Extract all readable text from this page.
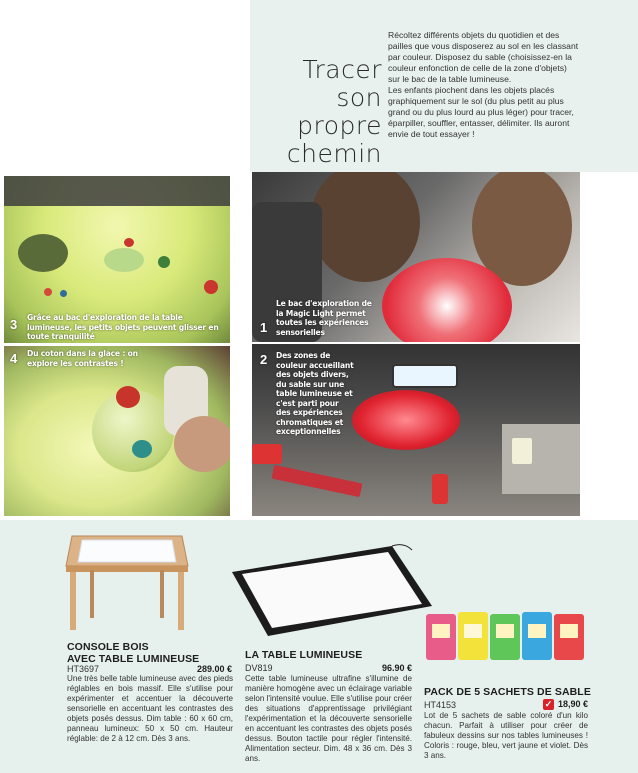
Tracer
son propre
chemin

Récoltez différents objets du quotidien et des pailles que vous disposerez au sol en les classant par couleur. Disposez du sable (choisissez-en la couleur enfonction de celle de la zone d'objets) sur le bac de la table lumineuse.

Les enfants piochent dans les objets placés graphiquement sur le sol (du plus petit au plus grand ou du plus lourd au plus léger) pour tracer, éparpiller, souffler, entasser, délimiter. Ils auront envie de tout essayer !

3 Grâce au bac d'exploration de la table lumineuse, les petits objets peuvent glisser en toute tranquilité
4 Du coton dans la glace : on explore les contrastes !
1
Le bac d'exploration de la Magic Light permet toutes les expériences sensorielles
2 Des zones de couleur accueillant des objets divers, du sable sur une table lumineuse et c'est parti pour des expériences chromatiques et exceptionnelles
CONSOLE BOIS
AVEC TABLE LUMINEUSE
HT3697	289.00 €
Une très belle table lumineuse avec des pieds réglables en bois massif. Elle s'utilise pour expérimenter et accentuer la découverte sensorielle en accentuant les contrastes des objets posés dessus. Dim table : 60 x 60 cm, panneau lumineux: 50 x 50 cm. Hauteur réglable: de 2 à 12 cm. Dès 3 ans.
LA TABLE LUMINEUSE
DV819	96.90 €
Cette table lumineuse ultrafine s'illumine de manière homogène avec un éclairage variable selon l'intensité voulue. Elle s'utilise pour créer des situations d'apprentissage privilégiant l'expérimentation et la découverte sensorielle en accentuant les contrastes des objets posés dessus. Bouton tactile pour régler l'intensité. Alimentation secteur. Dim. 48 x 36 cm. Dès 3 ans.
PACK DE 5 SACHETS DE SABLE
HT4153	✓ 18,90 €
Lot de 5 sachets de sable coloré d'un kilo chacun. Parfait à utiliser pour créer de fabuleux dessins sur nos tables lumineuses ! Coloris : rouge, bleu, vert jaune et violet. Dès 3 ans.
